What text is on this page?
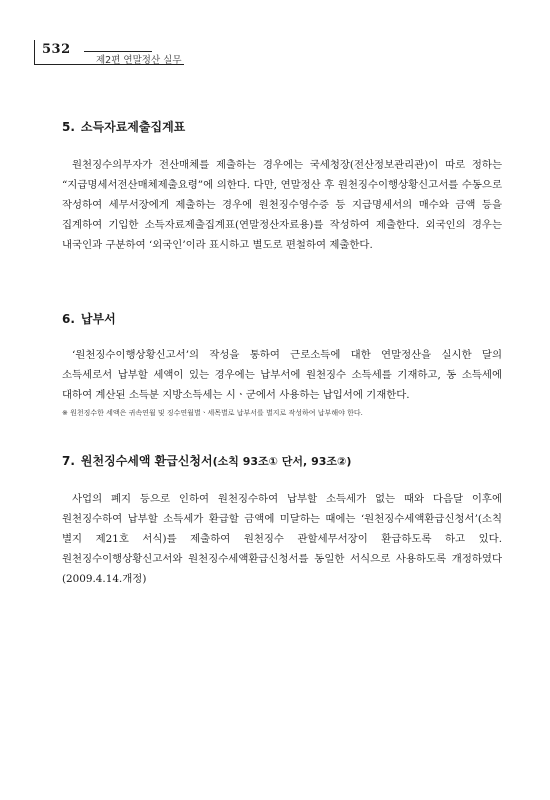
532
제2편 연말정산 실무
5. 소득자료제출집계표

원천징수의무자가 전산매체를 제출하는 경우에는 국세청장(전산정보관리관)이 따로 정하는 “지급명세서전산매체제출요령”에 의한다. 다만, 연말정산 후 원천징수이행상황신고서를 수동으로 작성하여 세무서장에게 제출하는 경우에 원천징수영수증 등 지급명세서의 매수와 금액 등을 집계하여 기입한 소득자료제출집계표(연말정산자료용)를 작성하여 제출한다. 외국인의 경우는 내국인과 구분하여 ‘외국인’이라 표시하고 별도로 편철하여 제출한다.

6. 납부서

‘원천징수이행상황신고서’의 작성을 통하여 근로소득에 대한 연말정산을 실시한 달의 소득세로서 납부할 세액이 있는 경우에는 납부서에 원천징수 소득세를 기재하고, 동 소득세에 대하여 계산된 소득분 지방소득세는 시ㆍ군에서 사용하는 납입서에 기재한다.

※ 원천징수한 세액은 귀속연월 및 징수연월별ㆍ세목별로 납부서를 별지로 작성하여 납부해야 한다.

7. 원천징수세액 환급신청서(소칙 93조① 단서, 93조②)

사업의 폐지 등으로 인하여 원천징수하여 납부할 소득세가 없는 때와 다음달 이후에 원천징수하여 납부할 소득세가 환급할 금액에 미달하는 때에는 ‘원천징수세액환급신청서’(소칙 별지 제21호 서식)를 제출하여 원천징수 관할세무서장이 환급하도록 하고 있다. 원천징수이행상황신고서와 원천징수세액환급신청서를 동일한 서식으로 사용하도록 개정하였다(2009.4.14.개정)
